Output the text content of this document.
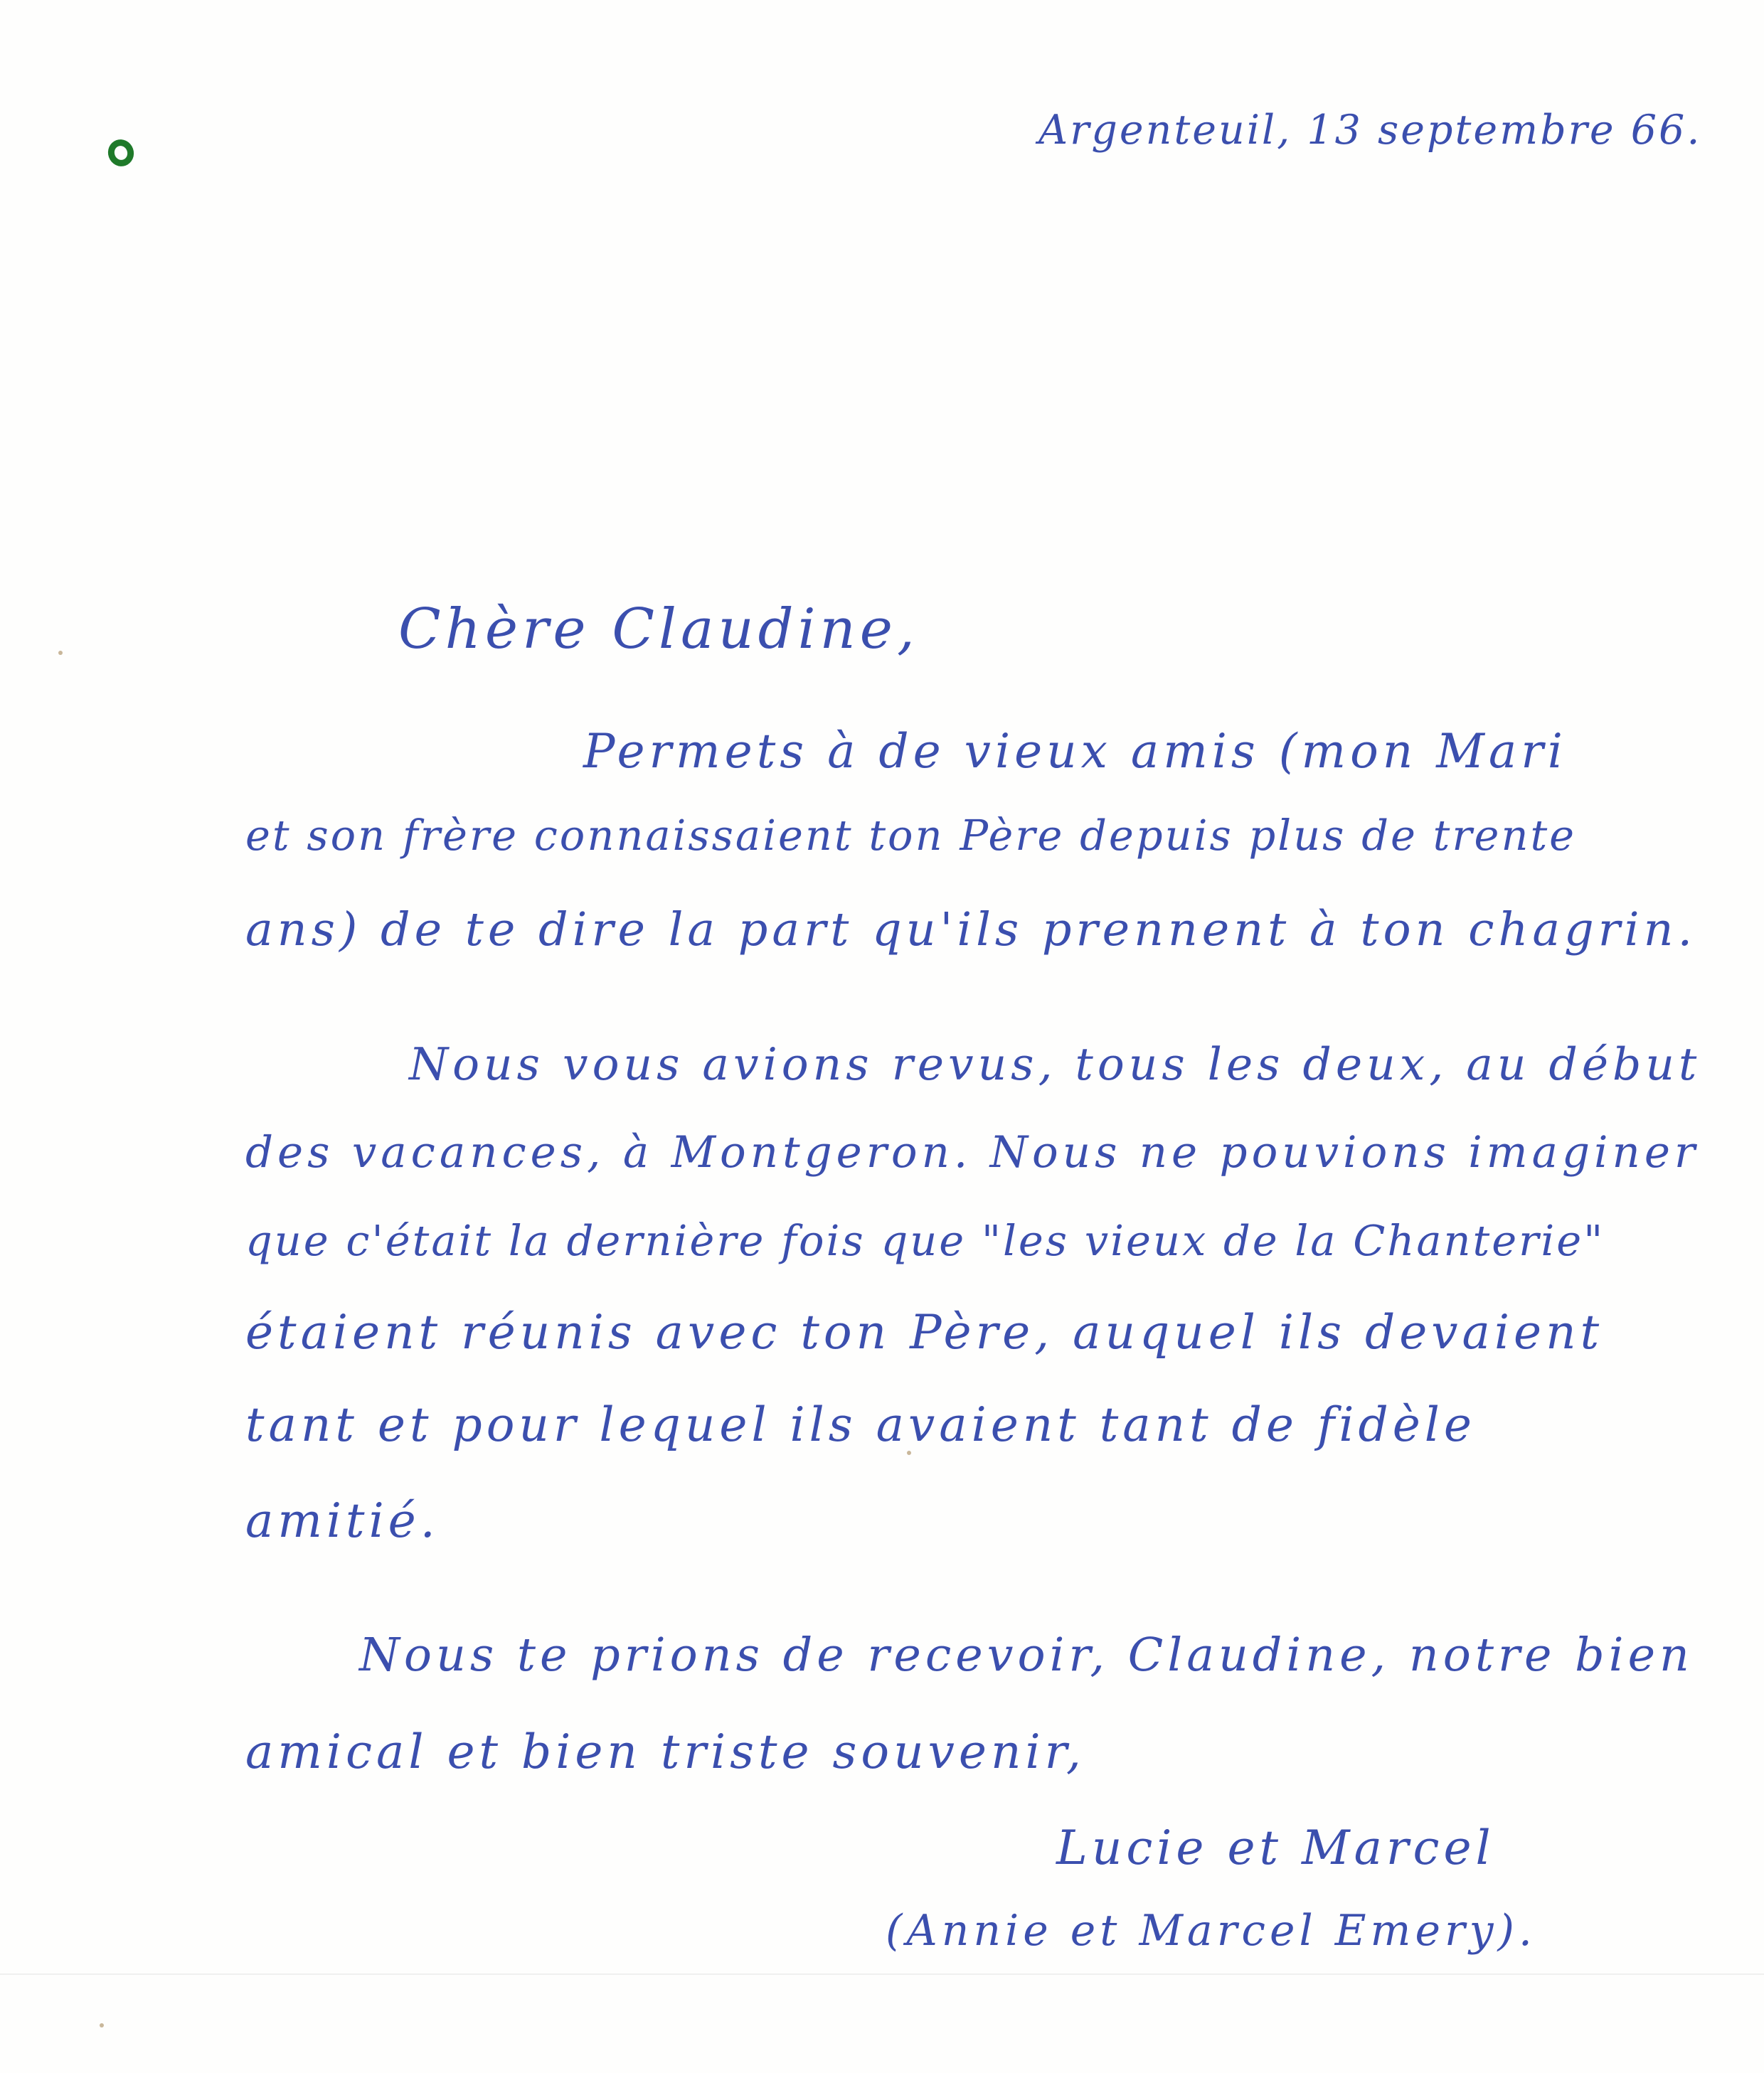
Argenteuil, 13 septembre 66.
Chère Claudine,
Permets à de vieux amis (mon Mari
et son frère connaissaient ton Père depuis plus de trente
ans) de te dire la part qu'ils prennent à ton chagrin.
Nous vous avions revus, tous les deux, au début
des vacances, à Montgeron. Nous ne pouvions imaginer
que c'était la dernière fois que "les vieux de la Chanterie"
étaient réunis avec ton Père, auquel ils devaient
tant et pour lequel ils avaient tant de fidèle
amitié.
Nous te prions de recevoir, Claudine, notre bien
amical et bien triste souvenir,
Lucie et Marcel
(Annie et Marcel Emery).
